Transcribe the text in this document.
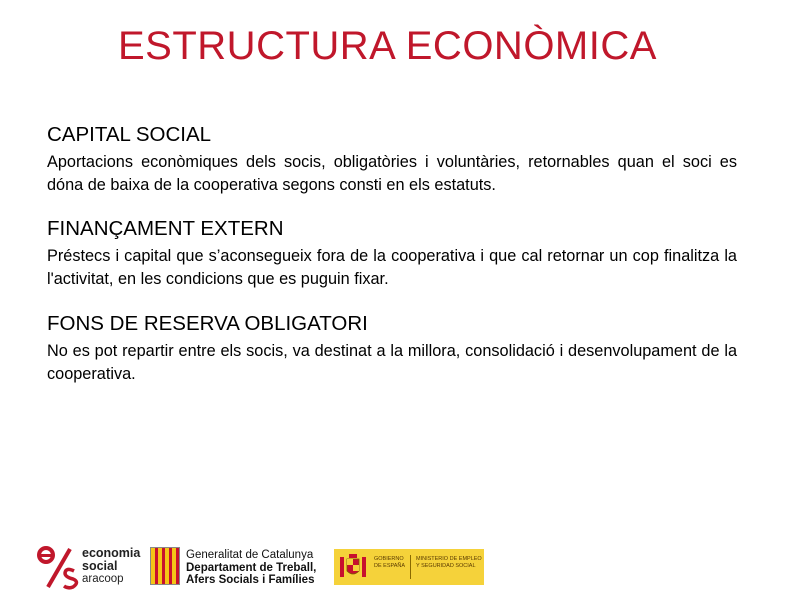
ESTRUCTURA ECONÒMICA
CAPITAL SOCIAL

Aportacions econòmiques dels socis, obligatòries i voluntàries, retornables quan el soci es dóna de baixa de la cooperativa segons consti en els estatuts.

FINANÇAMENT EXTERN

Préstecs i capital que s’aconsegueix fora de la cooperativa i que cal retornar un cop finalitza la l'activitat, en les condicions que es puguin fixar.

FONS DE RESERVA OBLIGATORI

No es pot repartir entre els socis, va destinat a la millora, consolidació i desenvolupament de la cooperativa.

economia
social
aracoop
Generalitat de Catalunya
Departament de Treball,
Afers Socials i Famílies
GOBIERNO DE ESPAÑA
MINISTERIO DE EMPLEO Y SEGURIDAD SOCIAL
